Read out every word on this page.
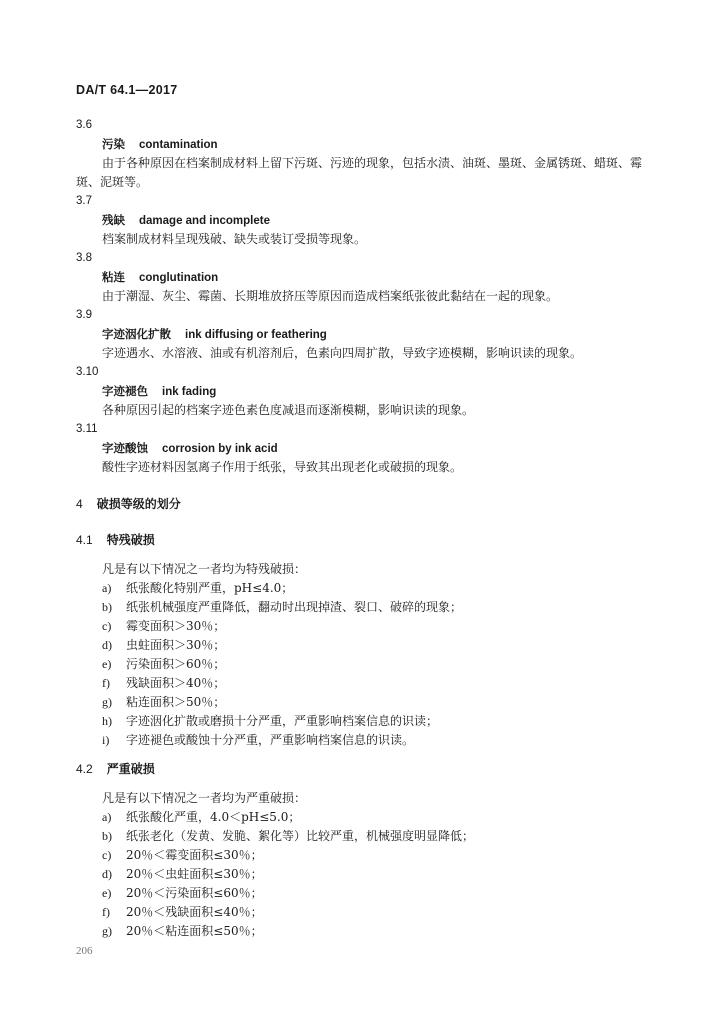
DA/T 64.1—2017
3.6
污染 contamination
由于各种原因在档案制成材料上留下污斑、污迹的现象，包括水渍、油斑、墨斑、金属锈斑、蜡斑、霉
斑、泥斑等。
3.7
残缺 damage and incomplete
档案制成材料呈现残破、缺失或装订受损等现象。
3.8
粘连 conglutination
由于潮湿、灰尘、霉菌、长期堆放挤压等原因而造成档案纸张彼此黏结在一起的现象。
3.9
字迹洇化扩散 ink diffusing or feathering
字迹遇水、水溶液、油或有机溶剂后，色素向四周扩散，导致字迹模糊，影响识读的现象。
3.10
字迹褪色 ink fading
各种原因引起的档案字迹色素色度减退而逐渐模糊，影响识读的现象。
3.11
字迹酸蚀 corrosion by ink acid
酸性字迹材料因氢离子作用于纸张，导致其出现老化或破损的现象。
4 破损等级的划分
4.1 特残破损
凡是有以下情况之一者均为特残破损：
a) 纸张酸化特别严重，pH≤4.0；
b) 纸张机械强度严重降低，翻动时出现掉渣、裂口、破碎的现象；
c) 霉变面积＞30％；
d) 虫蛀面积＞30％；
e) 污染面积＞60％；
f) 残缺面积＞40％；
g) 粘连面积＞50％；
h) 字迹洇化扩散或磨损十分严重，严重影响档案信息的识读；
i) 字迹褪色或酸蚀十分严重，严重影响档案信息的识读。
4.2 严重破损
凡是有以下情况之一者均为严重破损：
a) 纸张酸化严重，4.0＜pH≤5.0；
b) 纸张老化（发黄、发脆、絮化等）比较严重，机械强度明显降低；
c) 20％＜霉变面积≤30％；
d) 20％＜虫蛀面积≤30％；
e) 20％＜污染面积≤60％；
f) 20％＜残缺面积≤40％；
g) 20％＜粘连面积≤50％；
206
